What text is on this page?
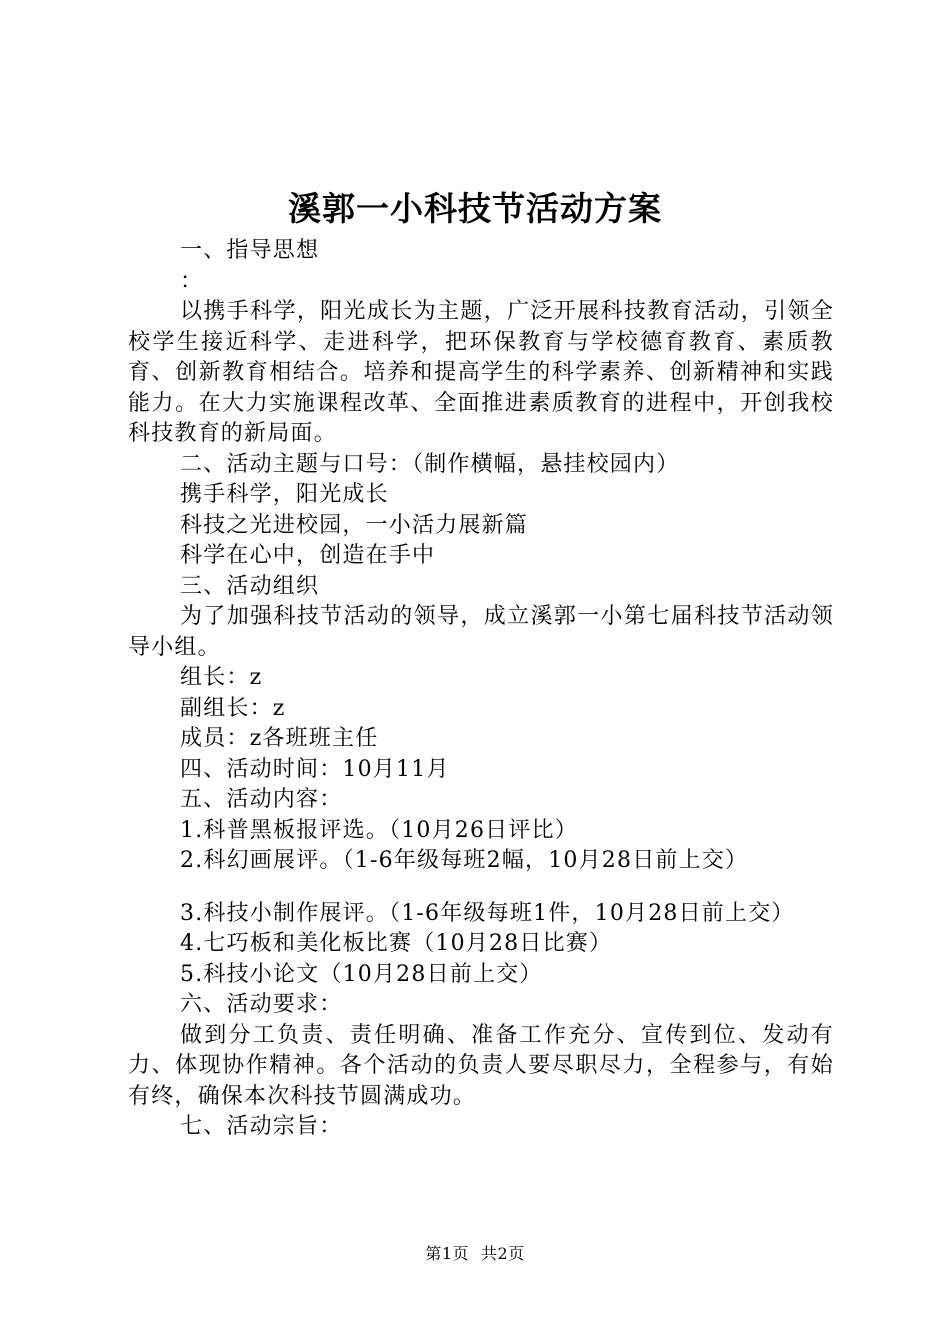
溪郭一小科技节活动方案
一、指导思想
：
以携手科学，阳光成长为主题，广泛开展科技教育活动，引领全校学生接近科学、走进科学，把环保教育与学校德育教育、素质教育、创新教育相结合。培养和提高学生的科学素养、创新精神和实践能力。在大力实施课程改革、全面推进素质教育的进程中，开创我校科技教育的新局面。
二、活动主题与口号：（制作横幅，悬挂校园内）
携手科学，阳光成长
科技之光进校园，一小活力展新篇
科学在心中，创造在手中
三、活动组织
为了加强科技节活动的领导，成立溪郭一小第七届科技节活动领导小组。
组长：z
副组长：z
成员：z各班班主任
四、活动时间：10月11月
五、活动内容：
1.科普黑板报评选。（10月26日评比）
2.科幻画展评。（1-6年级每班2幅，10月28日前上交）
3.科技小制作展评。（1-6年级每班1件，10月28日前上交）
4.七巧板和美化板比赛（10月28日比赛）
5.科技小论文（10月28日前上交）
六、活动要求：
做到分工负责、责任明确、准备工作充分、宣传到位、发动有力、体现协作精神。各个活动的负责人要尽职尽力，全程参与，有始有终，确保本次科技节圆满成功。
七、活动宗旨：
第1页 共2页
